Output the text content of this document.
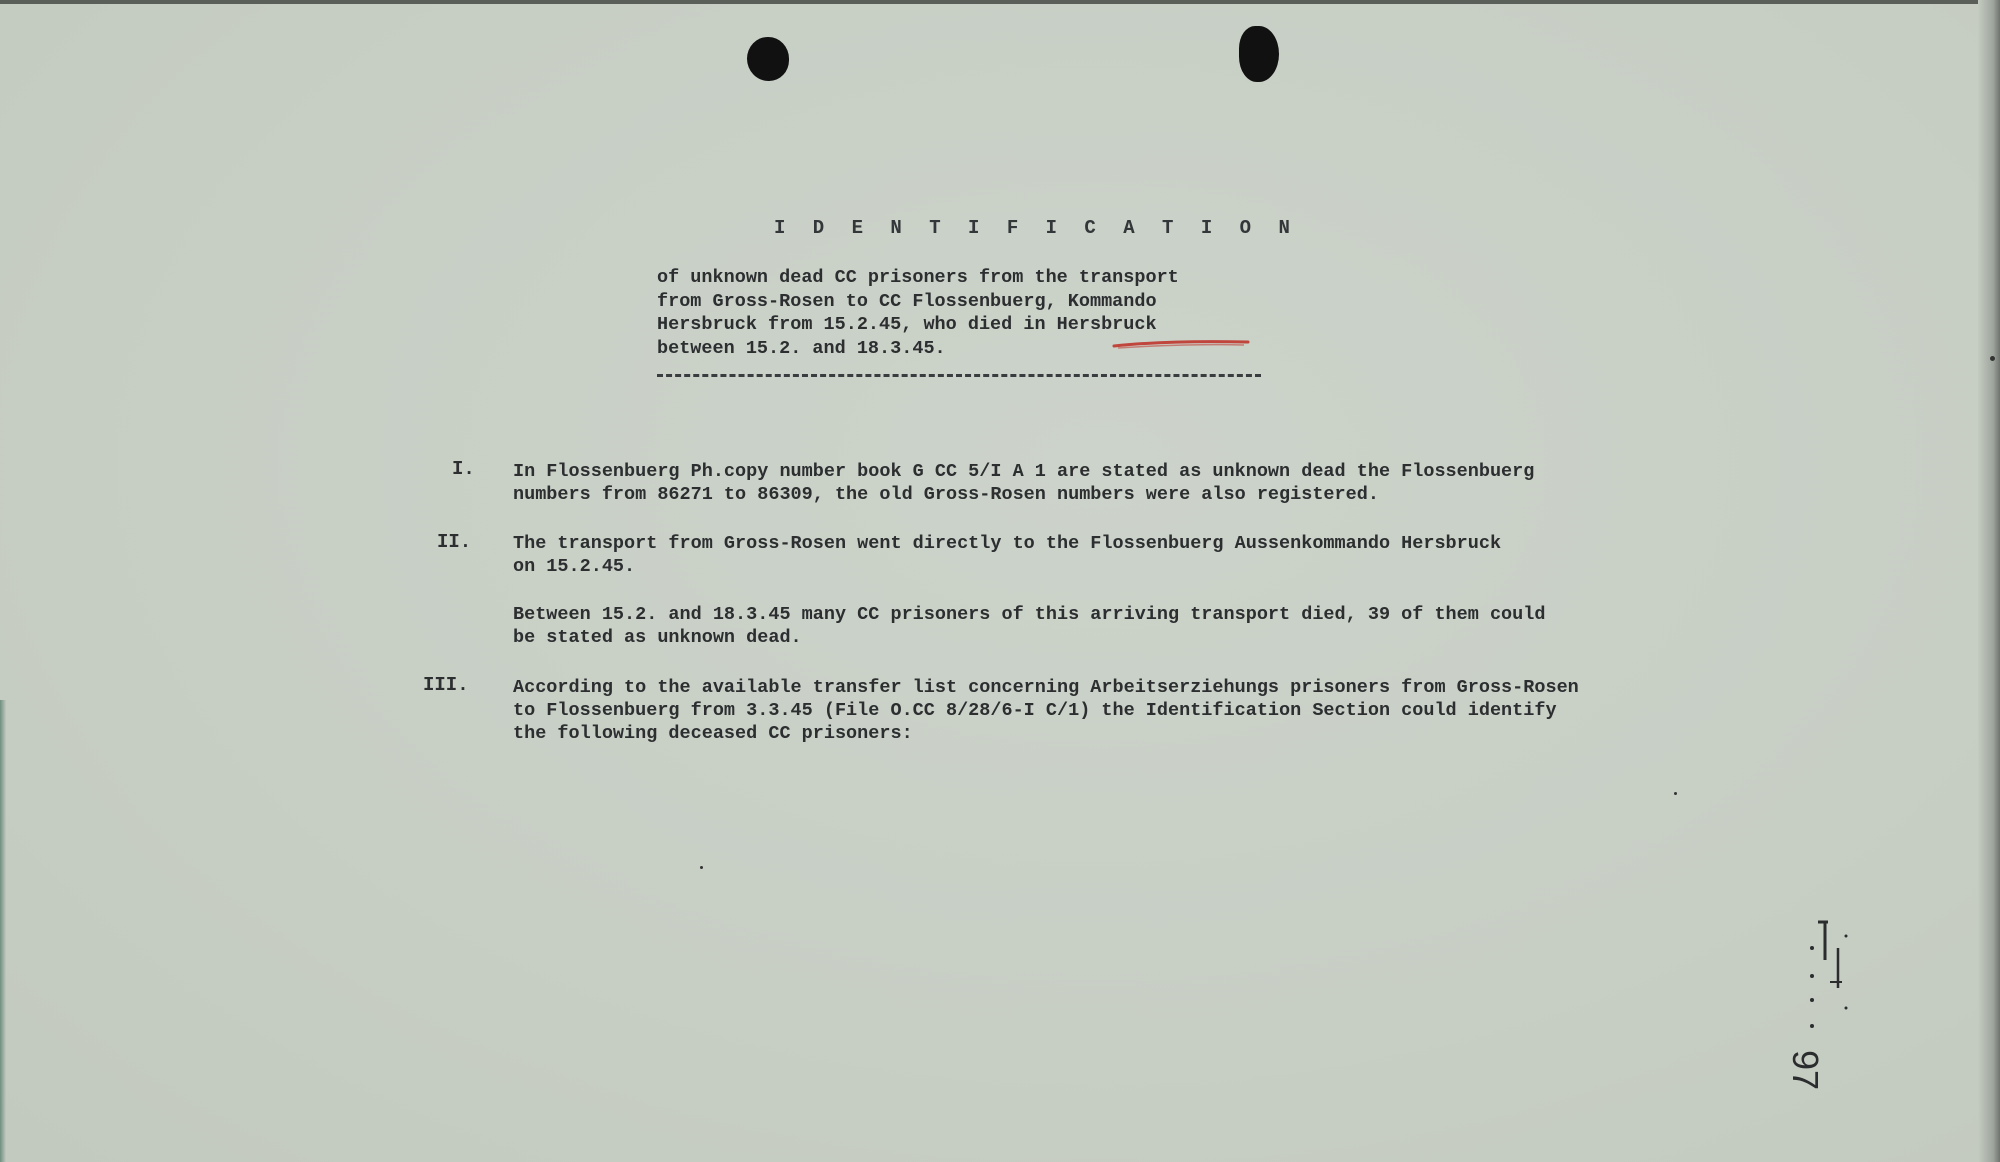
I D E N T I F I C A T I O N
of unknown dead CC prisoners from the transport
from Gross-Rosen to CC Flossenbuerg, Kommando
Hersbruck from 15.2.45, who died in Hersbruck
between 15.2. and 18.3.45.
I. In Flossenbuerg Ph.copy number book G CC 5/I A 1 are stated as unknown dead the Flossenbuerg
numbers from 86271 to 86309, the old Gross-Rosen numbers were also registered.
II. The transport from Gross-Rosen went directly to the Flossenbuerg Aussenkommando Hersbruck
on 15.2.45.
Between 15.2. and 18.3.45 many CC prisoners of this arriving transport died, 39 of them could
be stated as unknown dead.
III. According to the available transfer list concerning Arbeitserziehungs prisoners from Gross-Rosen
to Flossenbuerg from 3.3.45 (File O.CC 8/28/6-I C/1) the Identification Section could identify
the following deceased CC prisoners:
97
